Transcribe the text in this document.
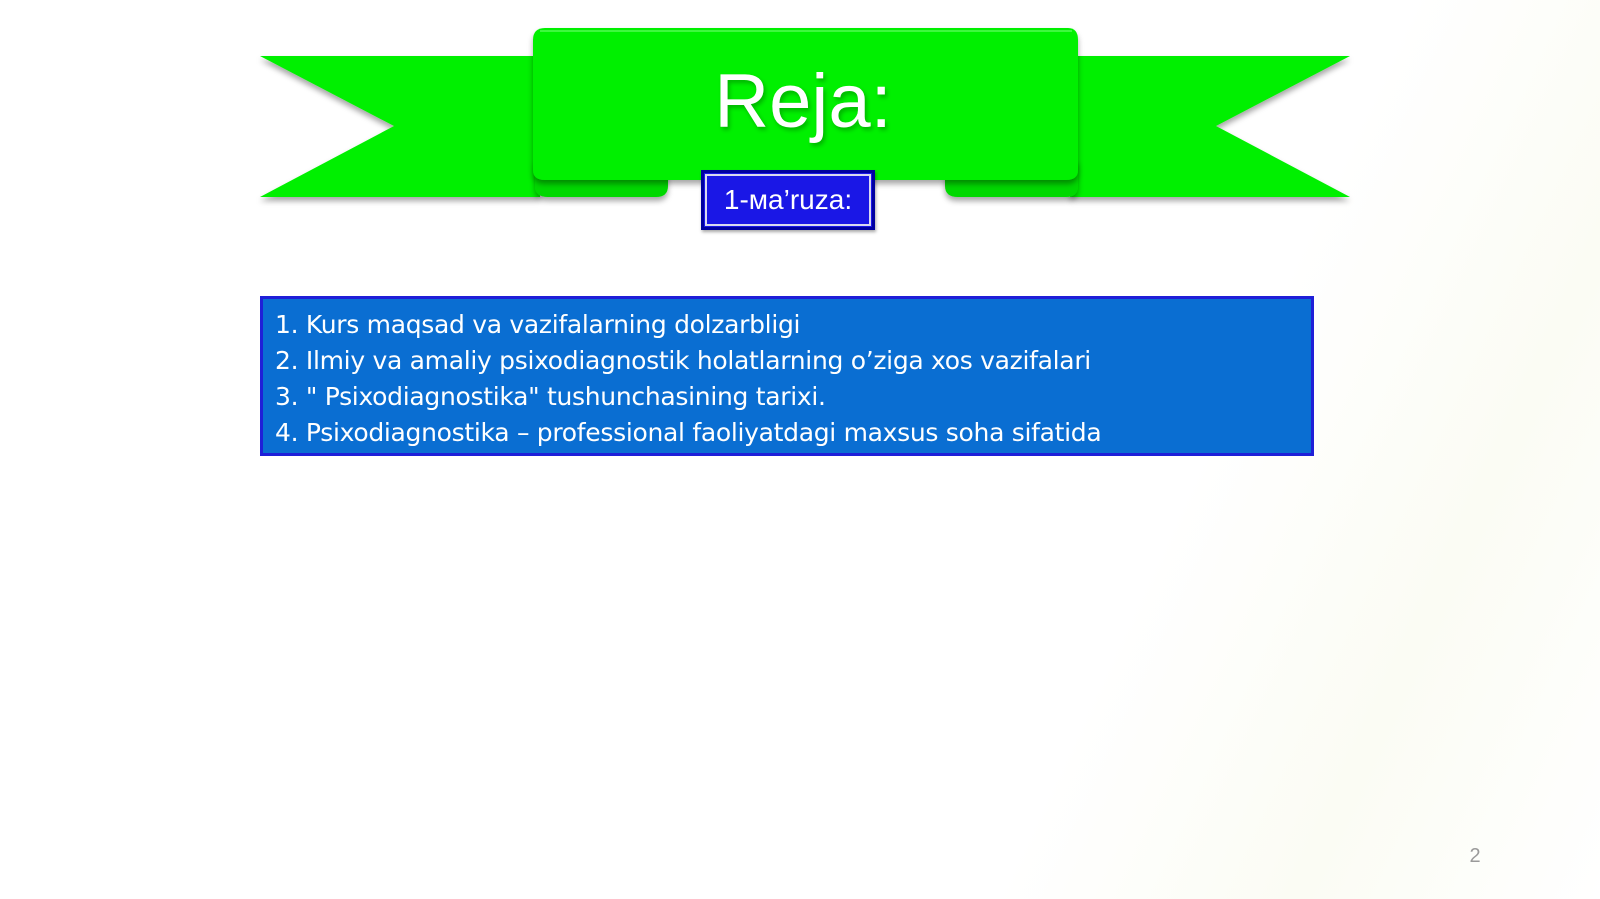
Reja:
1-ма’ruza:
1. Kurs maqsad va vazifalarning dolzarbligi
2. Ilmiy va amaliy psixodiagnostik holatlarning o’ziga xos vazifalari
3. " Psixodiagnostika" tushunchasining tarixi.
4. Psixodiagnostika – professional faoliyatdagi maxsus soha sifatida
2
